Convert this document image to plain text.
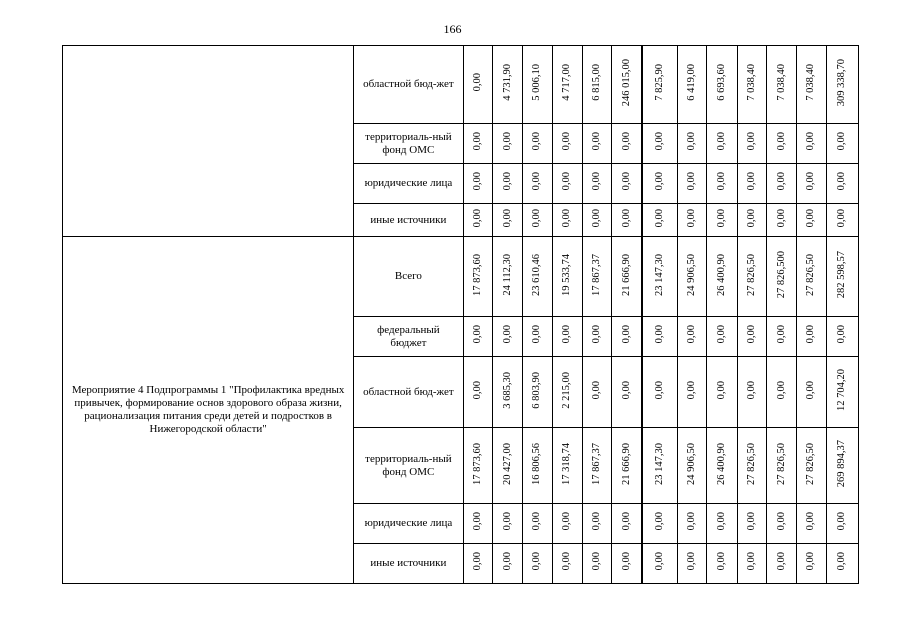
166
	областной бюд-жет	0,00	4 731,90	5 006,10	4 717,00	6 815,00	246 015,00	7 825,90	6 419,00	6 693,60	7 038,40	7 038,40	7 038,40	309 338,70
	территориаль-ный фонд ОМС	0,00	0,00	0,00	0,00	0,00	0,00	0,00	0,00	0,00	0,00	0,00	0,00	0,00
	юридические лица	0,00	0,00	0,00	0,00	0,00	0,00	0,00	0,00	0,00	0,00	0,00	0,00	0,00
	иные источники	0,00	0,00	0,00	0,00	0,00	0,00	0,00	0,00	0,00	0,00	0,00	0,00	0,00
Мероприятие 4 Подпрограммы 1 "Профилактика вредных привычек, формирование основ здорового образа жизни, рационализация питания среди детей и подростков в Нижегородской области"	Всего	17 873,60	24 112,30	23 610,46	19 533,74	17 867,37	21 666,90	23 147,30	24 906,50	26 400,90	27 826,50	27 826,500	27 826,50	282 598,57
	федеральный бюджет	0,00	0,00	0,00	0,00	0,00	0,00	0,00	0,00	0,00	0,00	0,00	0,00	0,00
	областной бюд-жет	0,00	3 685,30	6 803,90	2 215,00	0,00	0,00	0,00	0,00	0,00	0,00	0,00	0,00	12 704,20
	территориаль-ный фонд ОМС	17 873,60	20 427,00	16 806,56	17 318,74	17 867,37	21 666,90	23 147,30	24 906,50	26 400,90	27 826,50	27 826,50	27 826,50	269 894,37
	юридические лица	0,00	0,00	0,00	0,00	0,00	0,00	0,00	0,00	0,00	0,00	0,00	0,00	0,00
	иные источники	0,00	0,00	0,00	0,00	0,00	0,00	0,00	0,00	0,00	0,00	0,00	0,00	0,00
